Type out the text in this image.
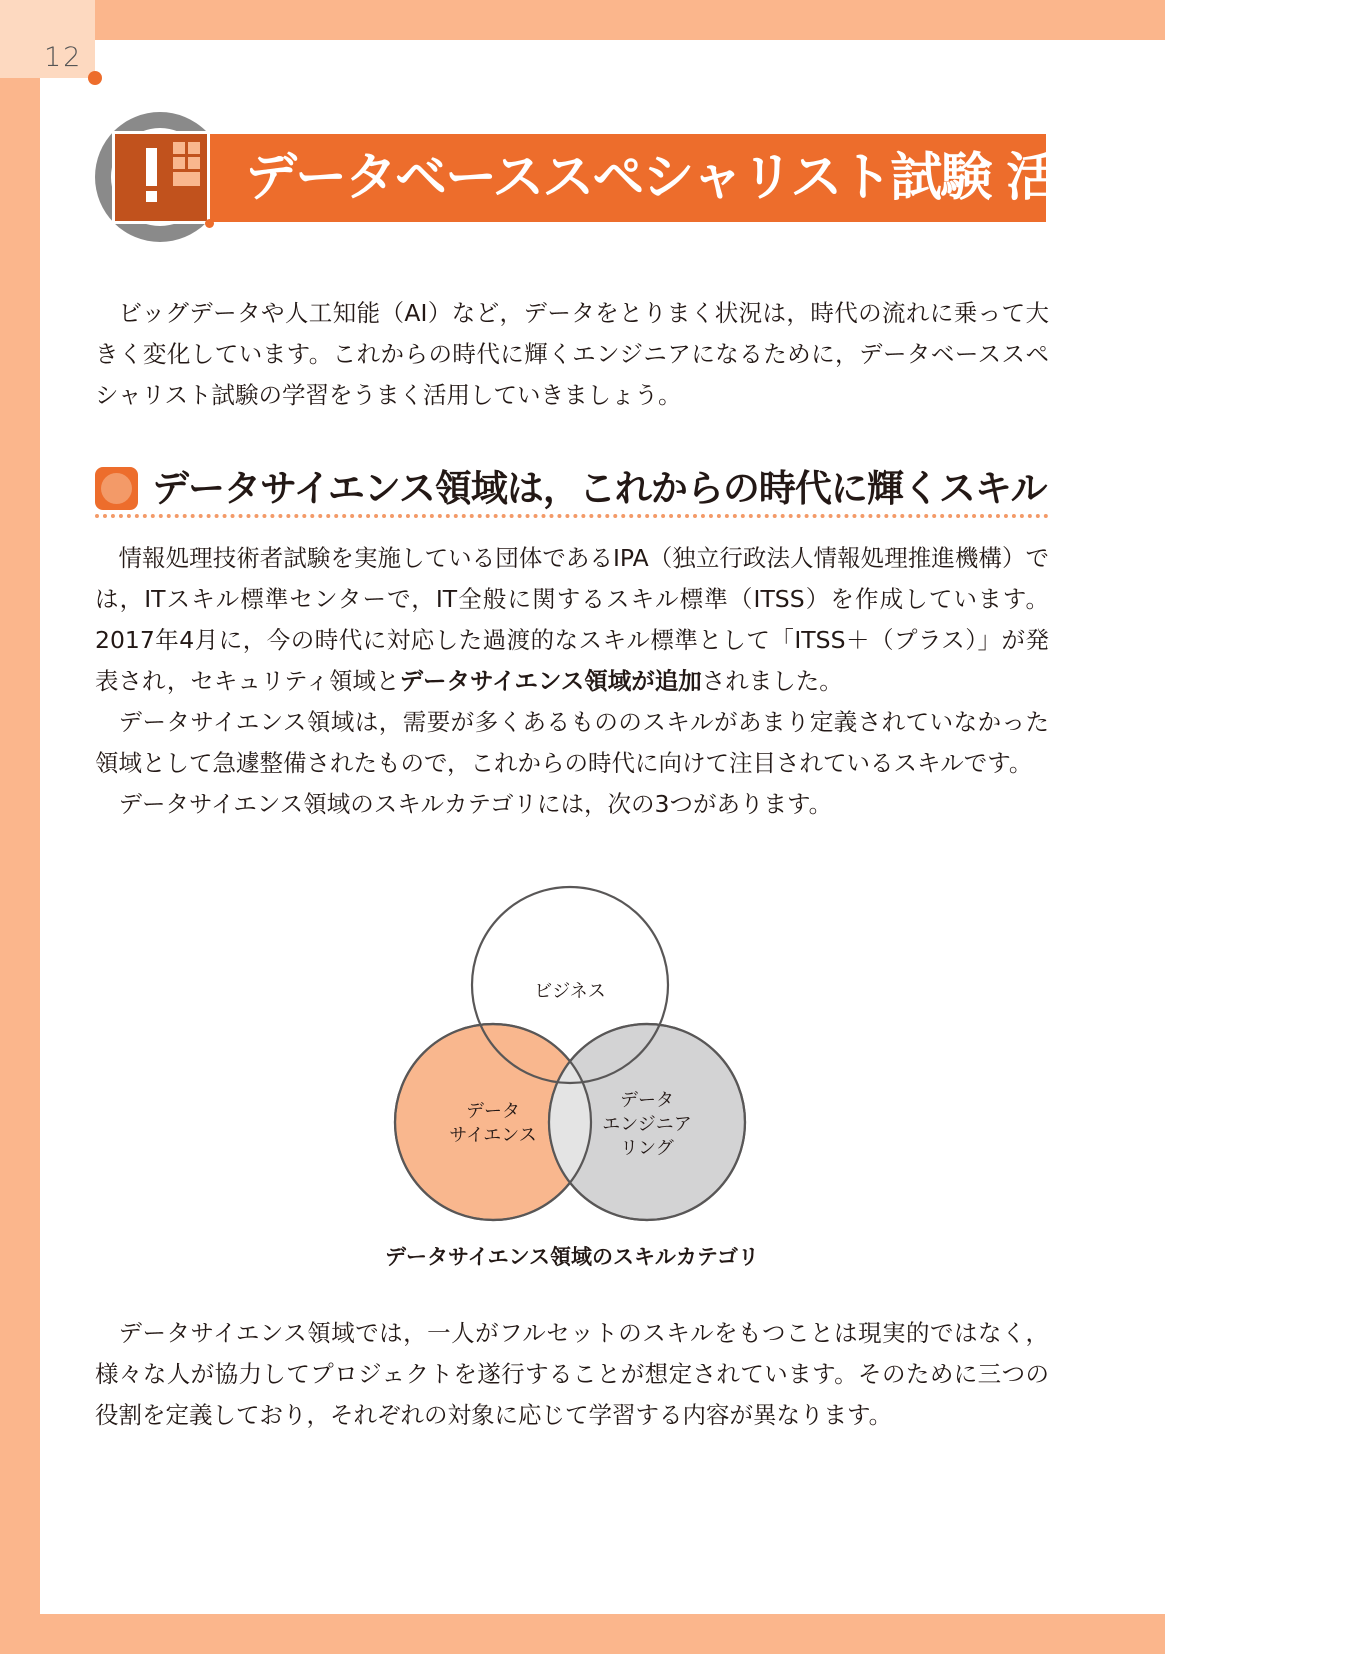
12
データベーススペシャリスト試験 活用のポイント

ビッグデータや人工知能（AI）など，データをとりまく状況は，時代の流れに乗って大きく変化しています。これからの時代に輝くエンジニアになるために，データベーススペシャリスト試験の学習をうまく活用していきましょう。

データサイエンス領域は，これからの時代に輝くスキル

情報処理技術者試験を実施している団体であるIPA（独立行政法人情報処理推進機構）では，ITスキル標準センターで，IT全般に関するスキル標準（ITSS）を作成しています。2017年4月に，今の時代に対応した過渡的なスキル標準として「ITSS＋（プラス）」が発表され，セキュリティ領域とデータサイエンス領域が追加されました。

データサイエンス領域は，需要が多くあるもののスキルがあまり定義されていなかった領域として急遽整備されたもので，これからの時代に向けて注目されているスキルです。

データサイエンス領域のスキルカテゴリには，次の3つがあります。

ビジネス
データ
サイエンス
データ
エンジニア
リング
データサイエンス領域のスキルカテゴリ

データサイエンス領域では，一人がフルセットのスキルをもつことは現実的ではなく，様々な人が協力してプロジェクトを遂行することが想定されています。そのために三つの役割を定義しており，それぞれの対象に応じて学習する内容が異なります。
